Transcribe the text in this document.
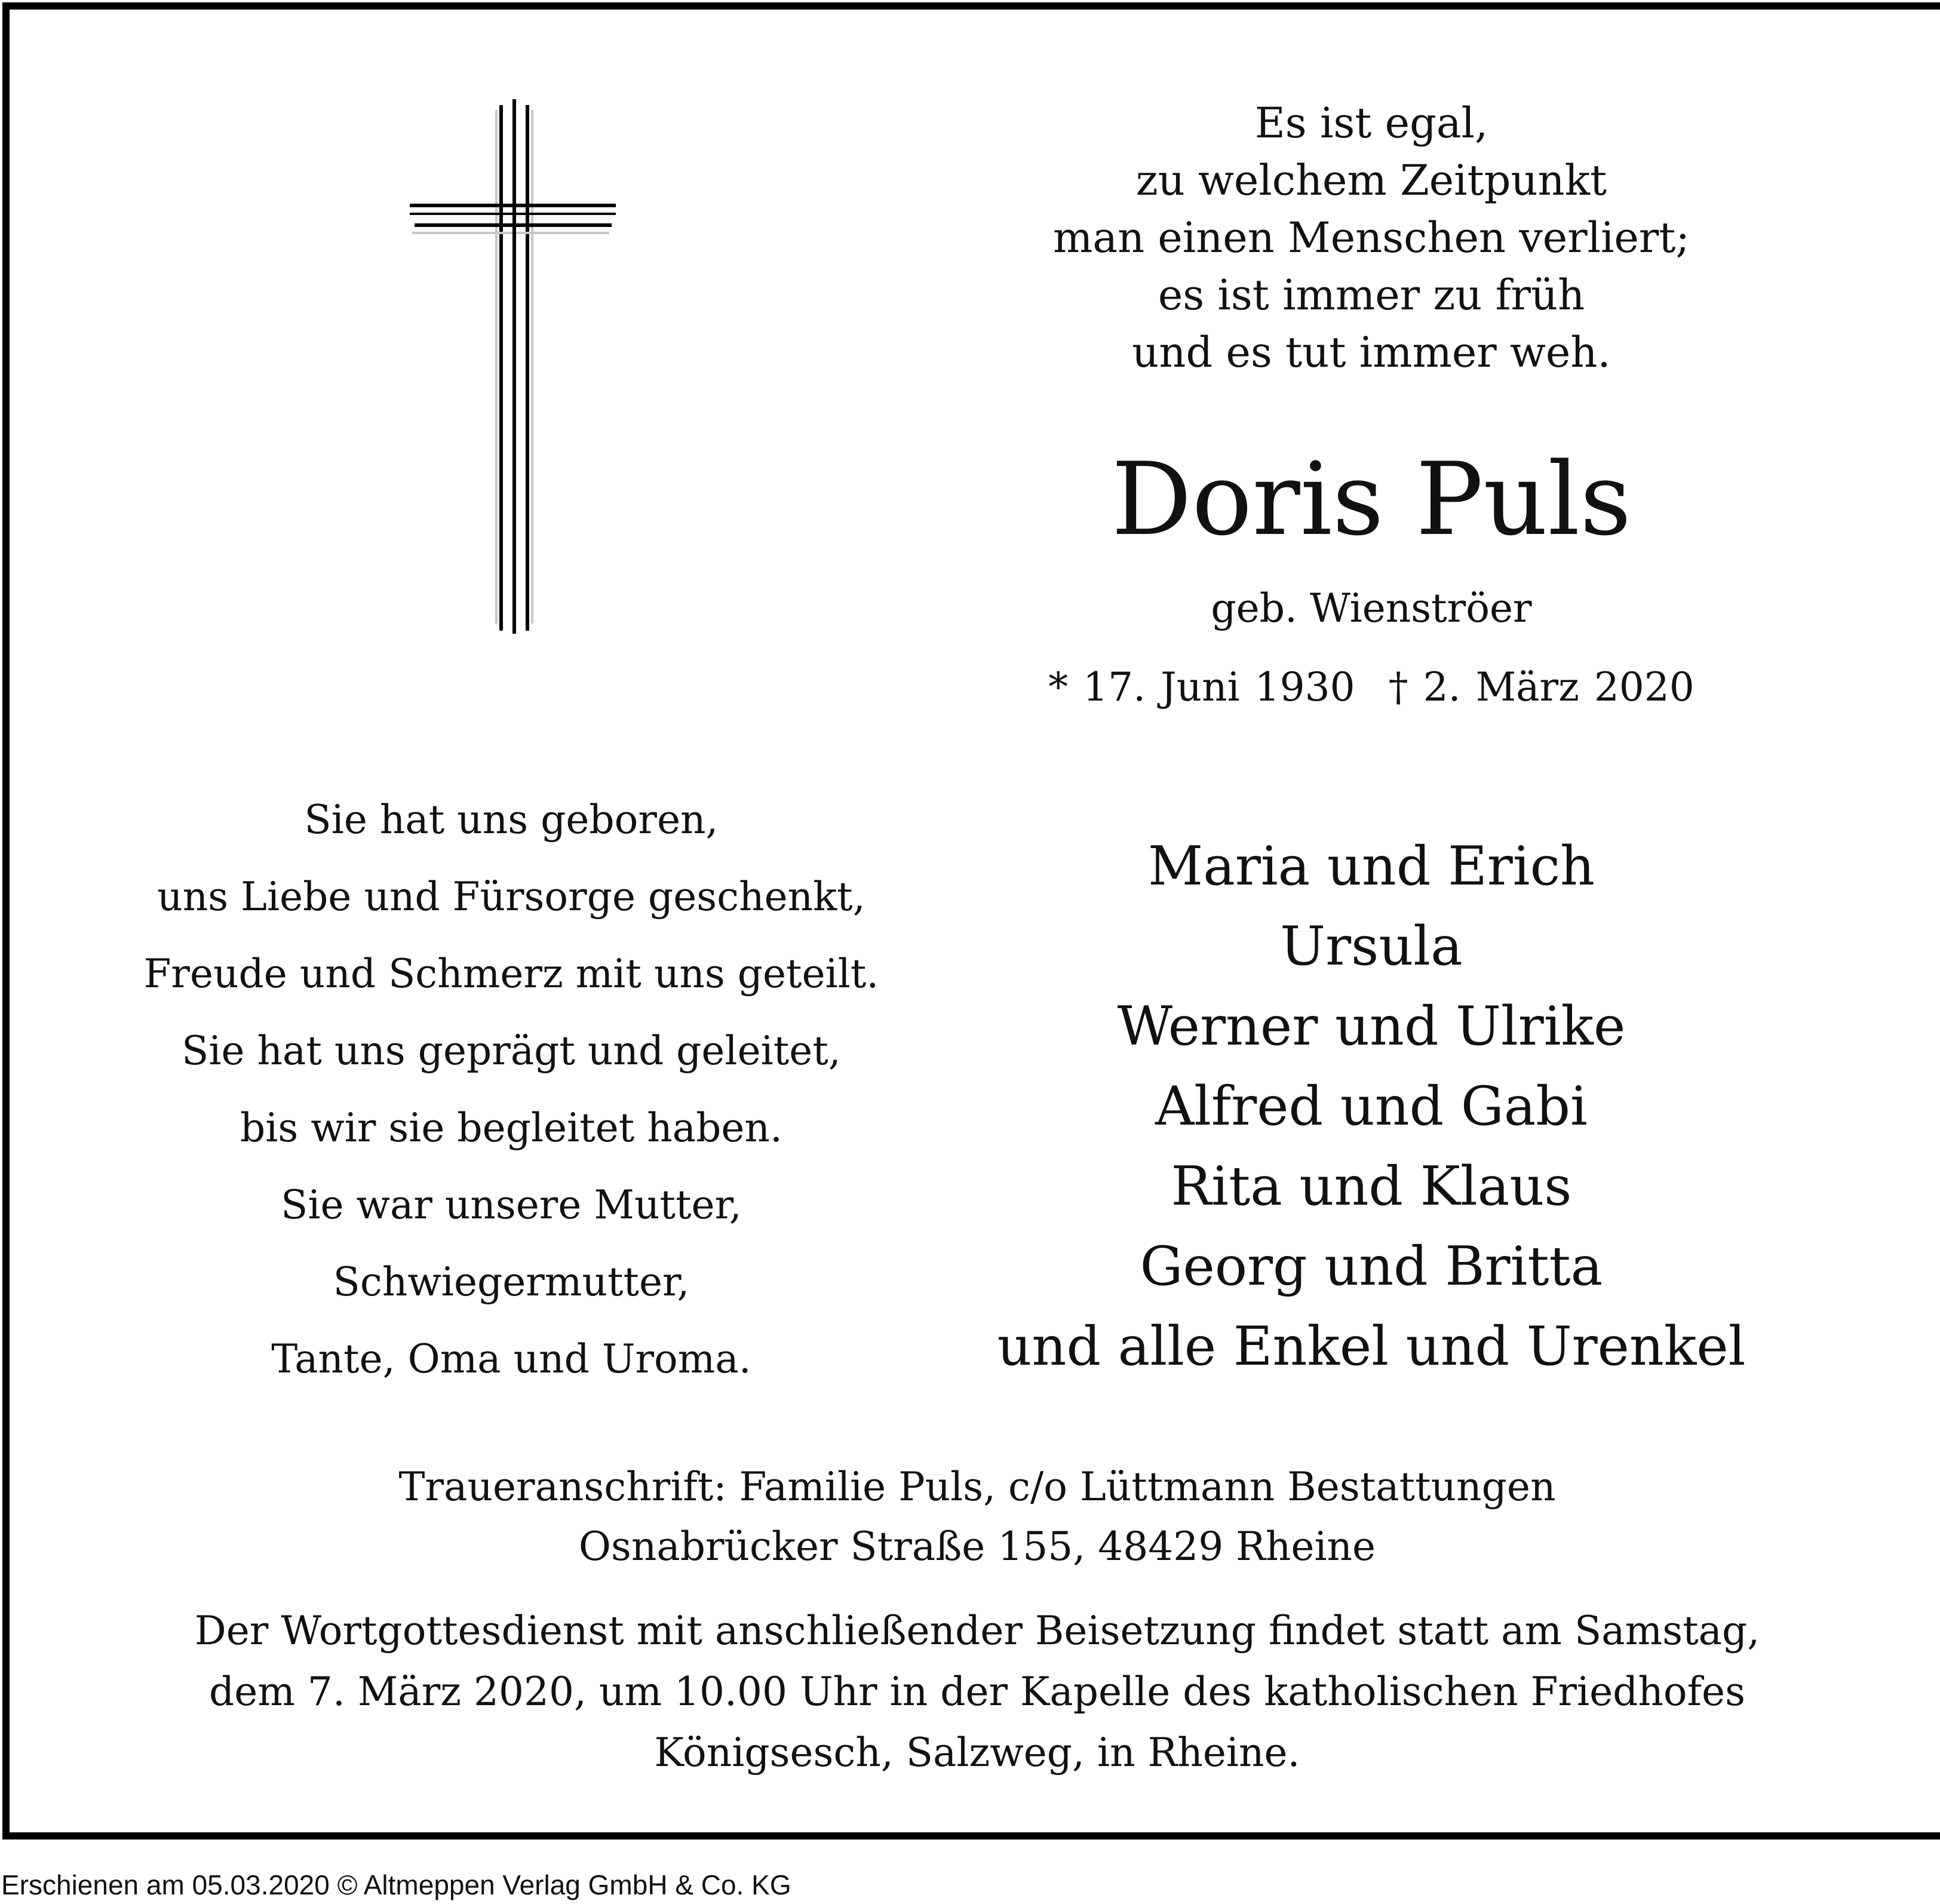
Es ist egal,
zu welchem Zeitpunkt
man einen Menschen verliert;
es ist immer zu früh
und es tut immer weh.
Doris Puls
geb. Wienströer
* 17. Juni 1930 † 2. März 2020
Sie hat uns geboren,
uns Liebe und Fürsorge geschenkt,
Freude und Schmerz mit uns geteilt.
Sie hat uns geprägt und geleitet,
bis wir sie begleitet haben.
Sie war unsere Mutter,
Schwiegermutter,
Tante, Oma und Uroma.
Maria und Erich
Ursula
Werner und Ulrike
Alfred und Gabi
Rita und Klaus
Georg und Britta
und alle Enkel und Urenkel
Traueranschrift: Familie Puls, c/o Lüttmann Bestattungen
Osnabrücker Straße 155, 48429 Rheine
Der Wortgottesdienst mit anschließender Beisetzung findet statt am Samstag,
dem 7. März 2020, um 10.00 Uhr in der Kapelle des katholischen Friedhofes
Königsesch, Salzweg, in Rheine.
Erschienen am 05.03.2020 © Altmeppen Verlag GmbH & Co. KG
